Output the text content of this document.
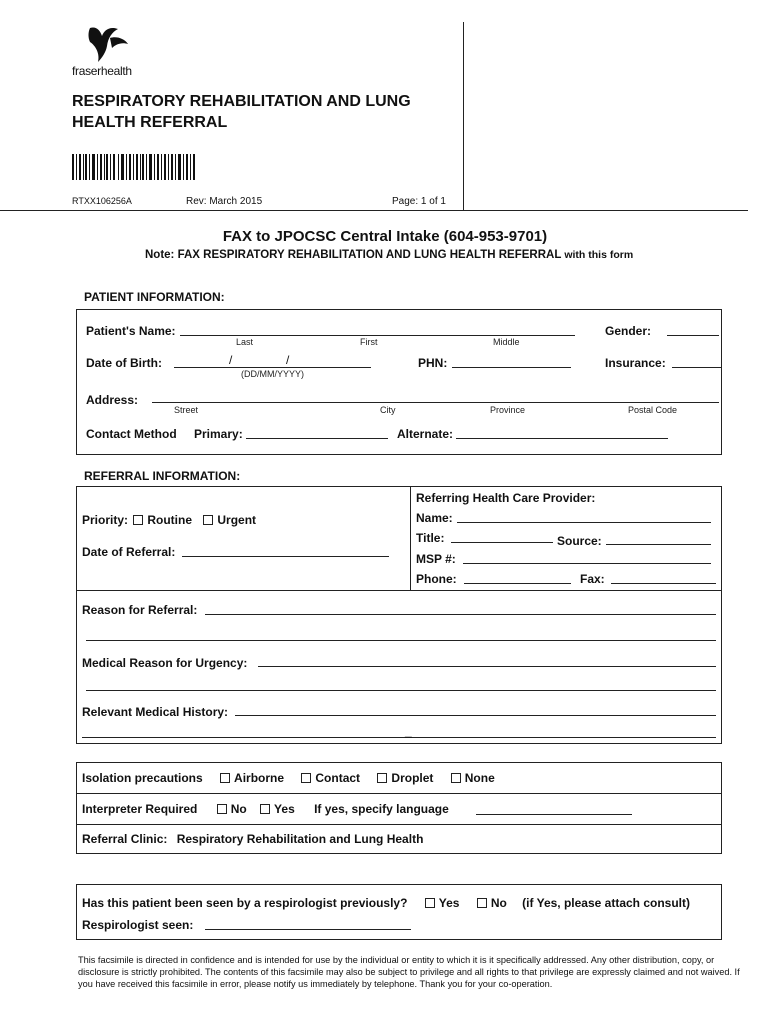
fraserhealth
RESPIRATORY REHABILITATION AND LUNG
HEALTH REFERRAL
RTXX106256A	Rev: March 2015	Page: 1 of 1
FAX to JPOCSC Central Intake (604-953-9701)
Note: FAX RESPIRATORY REHABILITATION AND LUNG HEALTH REFERRAL with this form
PATIENT INFORMATION:
Patient's Name:
Last	First	Middle
Gender:
Date of Birth:	/	/
(DD/MM/YYYY)
PHN:	Insurance:
Address:
Street	City	Province	Postal Code
Contact Method Primary:	Alternate:
REFERRAL INFORMATION:
Priority: Routine Urgent
Date of Referral:
Referring Health Care Provider:
Name:
Title:	Source:
MSP #:
Phone:	Fax:
Reason for Referral:
Medical Reason for Urgency:
Relevant Medical History:
_
Isolation precautions	Airborne	Contact	Droplet	None
Interpreter Required	No Yes If yes, specify language
Referral Clinic: Respiratory Rehabilitation and Lung Health
Has this patient been seen by a respirologist previously?	Yes	No (if Yes, please attach consult)
Respirologist seen:
This facsimile is directed in confidence and is intended for use by the individual or entity to which it is it specifically addressed. Any other distribution, copy, or disclosure is strictly prohibited. The contents of this facsimile may also be subject to privilege and all rights to that privilege are expressly claimed and not waived. If you have received this facsimile in error, please notify us immediately by telephone. Thank you for your co-operation.
